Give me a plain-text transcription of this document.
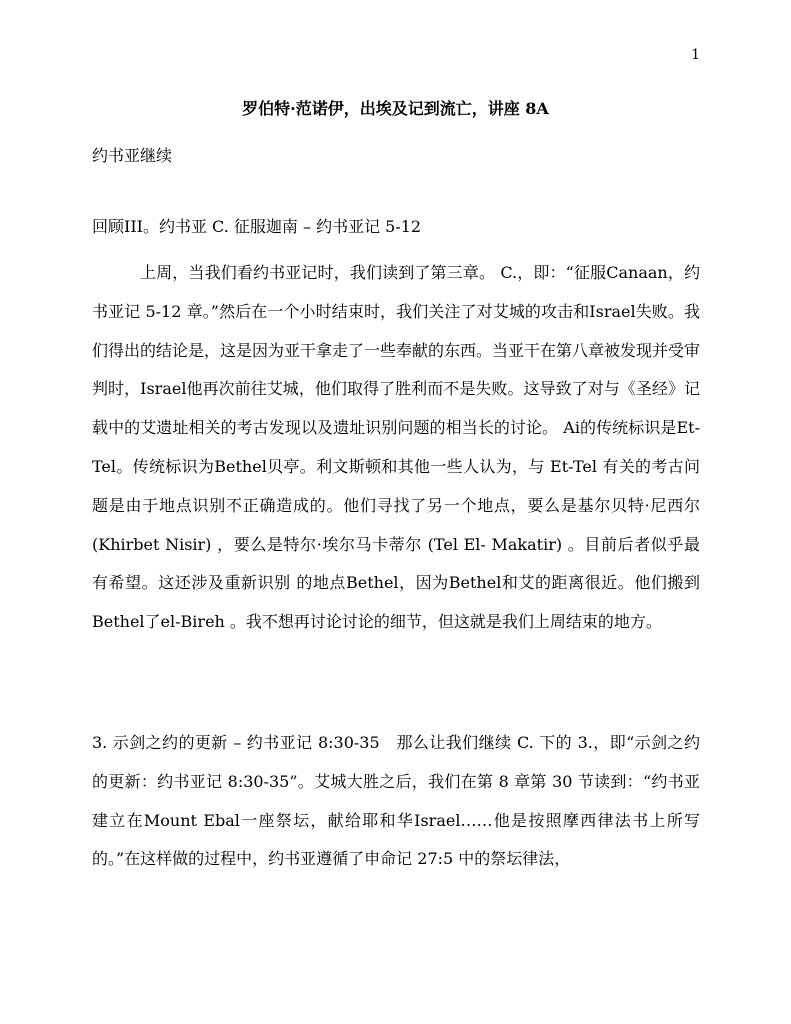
1
罗伯特·范诺伊，出埃及记到流亡，讲座 8A
约书亚继续
回顾III。约书亚 C. 征服迦南 – 约书亚记 5-12
上周，当我们看约书亚记时，我们读到了第三章。 C.，即：“征服Canaan，约书亚记 5-12 章。”然后在一个小时结束时，我们关注了对艾城的攻击和Israel失败。我们得出的结论是，这是因为亚干拿走了一些奉献的东西。当亚干在第八章被发现并受审判时，Israel他再次前往艾城，他们取得了胜利而不是失败。这导致了对与《圣经》记载中的艾遗址相关的考古发现以及遗址识别问题的相当长的讨论。 Ai的传统标识是Et-Tel。传统标识为Bethel贝亭。利文斯顿和其他一些人认为，与 Et-Tel 有关的考古问题是由于地点识别不正确造成的。他们寻找了另一个地点，要么是基尔贝特·尼西尔 (Khirbet Nisir) ，要么是特尔·埃尔马卡蒂尔 (Tel El- Makatir) 。目前后者似乎最有希望。这还涉及重新识别 的地点Bethel，因为Bethel和艾的距离很近。他们搬到Bethel了el-Bireh 。我不想再讨论讨论的细节，但这就是我们上周结束的地方。
3. 示剑之约的更新 – 约书亚记 8:30-35　那么让我们继续 C. 下的 3.，即“示剑之约的更新：约书亚记 8:30-35”。艾城大胜之后，我们在第 8 章第 30 节读到：“约书亚建立在Mount Ebal一座祭坛，献给耶和华Israel……他是按照摩西律法书上所写的。”在这样做的过程中，约书亚遵循了申命记 27:5 中的祭坛律法，
